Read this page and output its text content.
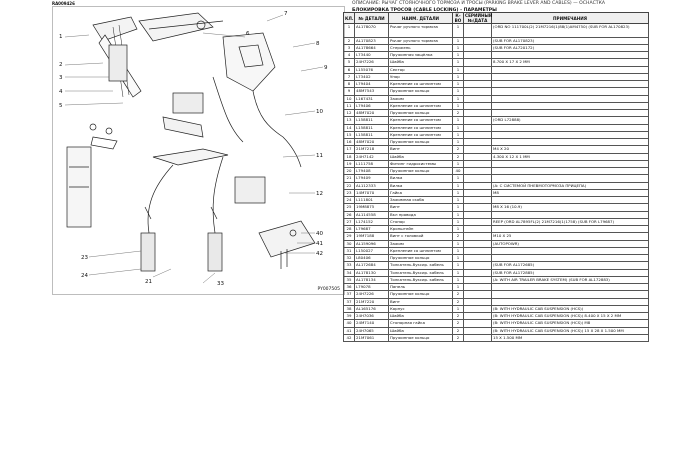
RA009426	ОПИСАНИЕ: РЫЧАГ СТОЯНОЧНОГО ТОРМОЗА И ТРОСЫ (PARKING BRAKE LEVER AND CABLES) — ОСНАСТКА
БЛОКИРОВКА ТРОСОВ (CABLE LOCKING) - ПАРАМЕТРЫ
1
2
3
4
5
6
7
8
9
10
11
12
40
41
42
21
23
24
33
PY007505
КЛ.	№ ДЕТАЛИ	НАИМ. ДЕТАЛИ	К-ВО	СЕРИЙНЫЙ №/ДАТА	ПРИМЕЧАНИЯ
1	AL178070	Рычаг ручного тормоза	1		(ORD NO 111700L(2) 21M7216(1)88(1)AM4750) (SUB FOR AL170823)
2	AL170823	Рычаг ручного тормоза	1		(SUB FOR AL170823)
3	AL178664	Стержень	1		(SUB FOR AL720172)
4	L73440	Пружинная защёлка	1		
5	24H7226	Шайба	1		8.700 X 17 X 2 MM
6	L155076	Сектор	1		
7	L73402	Упор	1		
8	L79404	Крепление со шплинтом	1		
9	48M7543	Пружинное кольцо	1		
10	L167431	Зажим	1		
11	L79406	Крепление со шплинтом	1		
12	48M7020	Пружинное кольцо	2		
13	L158811	Крепление со шплинтом	1		(ORD L72888)
14	L158811	Крепление со шплинтом	1		
15	L158811	Крепление со шплинтом	1		
16	48M7020	Пружинное кольцо	1		
17	21M7218	Винт	2		M4 X 20
18	24H7142	Шайба	2		4.300 X 12 X 1 MM
19	L111758	Фитинг гидросистемы	1		
20	L79408	Пружинное кольцо	40		
21	L79409	Вилка	1		
22	AL112333	Вилка	1		(A: С СИСТЕМОЙ ПНЕВМОТОРМОЗА ПРИЦЕПА)
23	14M7070	Гайка	1		M8
24	L111801	Зажимная скоба	1		
25	19M8875	Винт	1		M8 X 16 (10.9)
26	AL114558	Вкл провода	1		
27	L174152	Стопор	1		REEP (ORD AL7895FL(2) 21M7216(1)1758) (SUB FOR L79687)
28	L79687	Кронштейн	1		
29	19M7188	Винт с головкой	2		M10 X 25
30	AL159096	Зажим	1		(AUTOPOWR)
31	L150027	Крепление со шплинтом	1		
32	L80406	Пружинное кольцо	1		
33	AL172684	Толкатель-буксир. кабель	1		(SUB FOR AL172685)
34	AL178130	Толкатель-буксир. кабель	1		(SUB FOR AL172885)
35	AL178134	Толкатель-буксир. кабель	1		(A: WITH AIR TRAILER BRAKE SYSTEM) (SUB FOR AL172883)
36	L79078	Панель	1		
37	24H7226	Пружинное кольцо	2		
37	21M7220	Винт	2		
38	AL165176	Корпус	1		(B: WITH HYDRAULIC CAB SUSPENSION (HCS))
39	24H7036	Шайба	2		(B: WITH HYDRAULIC CAB SUSPENSION (HCS)) 8.400 X 15 X 2 MM
40	24M7140	Стопорная гайка	2		(B: WITH HYDRAULIC CAB SUSPENSION (HCS)) M8
41	24H7065	Шайба	2		(B: WITH HYDRAULIC CAB SUSPENSION (HCS)) 15 X 28 X 1.500 MM
42	21M7061	Пружинное кольцо	2		15 X 1.500 MM
